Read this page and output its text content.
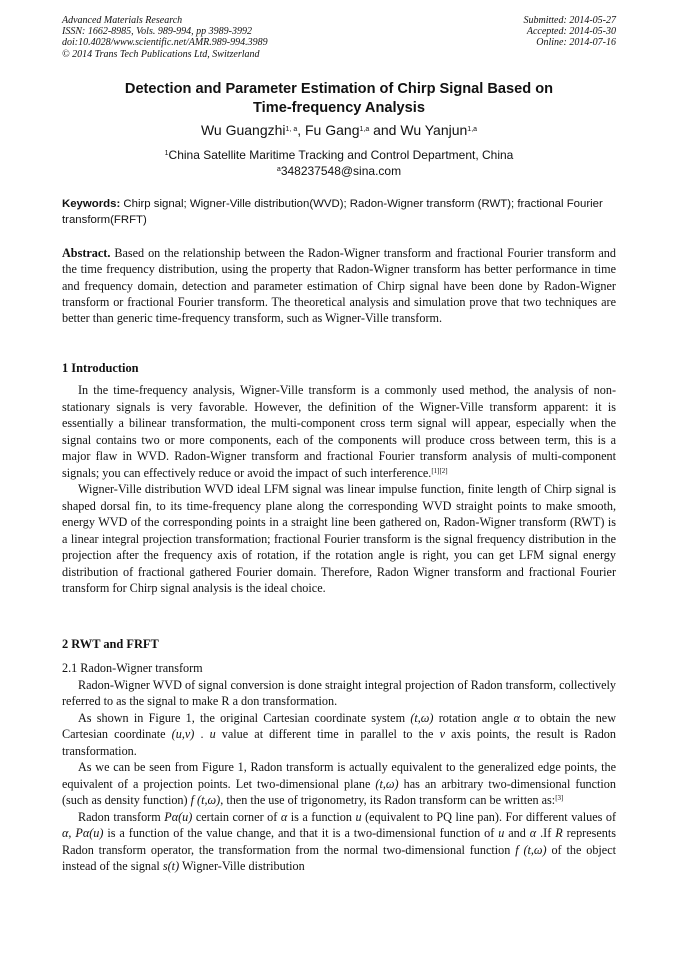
Advanced Materials Research
ISSN: 1662-8985, Vols. 989-994, pp 3989-3992
doi:10.4028/www.scientific.net/AMR.989-994.3989
© 2014 Trans Tech Publications Ltd, Switzerland
Submitted: 2014-05-27
Accepted: 2014-05-30
Online: 2014-07-16
Detection and Parameter Estimation of Chirp Signal Based on
Time-frequency Analysis
Wu Guangzhi$^{1, a}$, Fu Gang$^{1,a}$ and Wu Yanjun$^{1,a}$
$^1$China Satellite Maritime Tracking and Control Department, China
$^a$348237548@sina.com
Keywords: Chirp signal; Wigner-Ville distribution(WVD); Radon-Wigner transform (RWT); fractional Fourier transform(FRFT)
Abstract. Based on the relationship between the Radon-Wigner transform and fractional Fourier transform and the time frequency distribution, using the property that Radon-Wigner transform has better performance in time and frequency domain, detection and parameter estimation of Chirp signal have been done by Radon-Wigner transform or fractional Fourier transform. The theoretical analysis and simulation prove that two techniques are better than generic time-frequency transform, such as Wigner-Ville transform.
1 Introduction

In the time-frequency analysis, Wigner-Ville transform is a commonly used method, the analysis of non-stationary signals is very favorable. However, the definition of the Wigner-Ville transform apparent: it is essentially a bilinear transformation, the multi-component cross term signal will appear, especially when the signal contains two or more components, each of the components will produce cross between term, this is a major flaw in WVD. Radon-Wigner transform and fractional Fourier transform analysis of multi-component signals; you can effectively reduce or avoid the impact of such interference.[1][2]

Wigner-Ville distribution WVD ideal LFM signal was linear impulse function, finite length of Chirp signal is shaped dorsal fin, to its time-frequency plane along the corresponding WVD straight points to make smooth, energy WVD of the corresponding points in a straight line been gathered on, Radon-Wigner transform (RWT) is a linear integral projection transformation; fractional Fourier transform is the signal frequency distribution in the projection after the frequency axis of rotation, if the rotation angle is right, you can get LFM signal energy distribution of fractional gathered Fourier domain. Therefore, Radon Wigner transform and fractional Fourier transform for Chirp signal analysis is the ideal choice.

2 RWT and FRFT

2.1 Radon-Wigner transform

Radon-Wigner WVD of signal conversion is done straight integral projection of Radon transform, collectively referred to as the signal to make R a don transformation.

As shown in Figure 1, the original Cartesian coordinate system (t,ω) rotation angle α to obtain the new Cartesian coordinate (u,v) . u value at different time in parallel to the v axis points, the result is Radon transformation.

As we can be seen from Figure 1, Radon transform is actually equivalent to the generalized edge points, the equivalent of a projection points. Let two-dimensional plane (t,ω) has an arbitrary two-dimensional function (such as density function) f (t,ω), then the use of trigonometry, its Radon transform can be written as:[3]

Radon transform Pα(u) certain corner of α is a function u (equivalent to PQ line pan). For different values of α, Pα(u) is a function of the value change, and that it is a two-dimensional function of u and α .If R represents Radon transform operator, the transformation from the normal two-dimensional function f (t,ω) of the object instead of the signal s(t) Wigner-Ville distribution
